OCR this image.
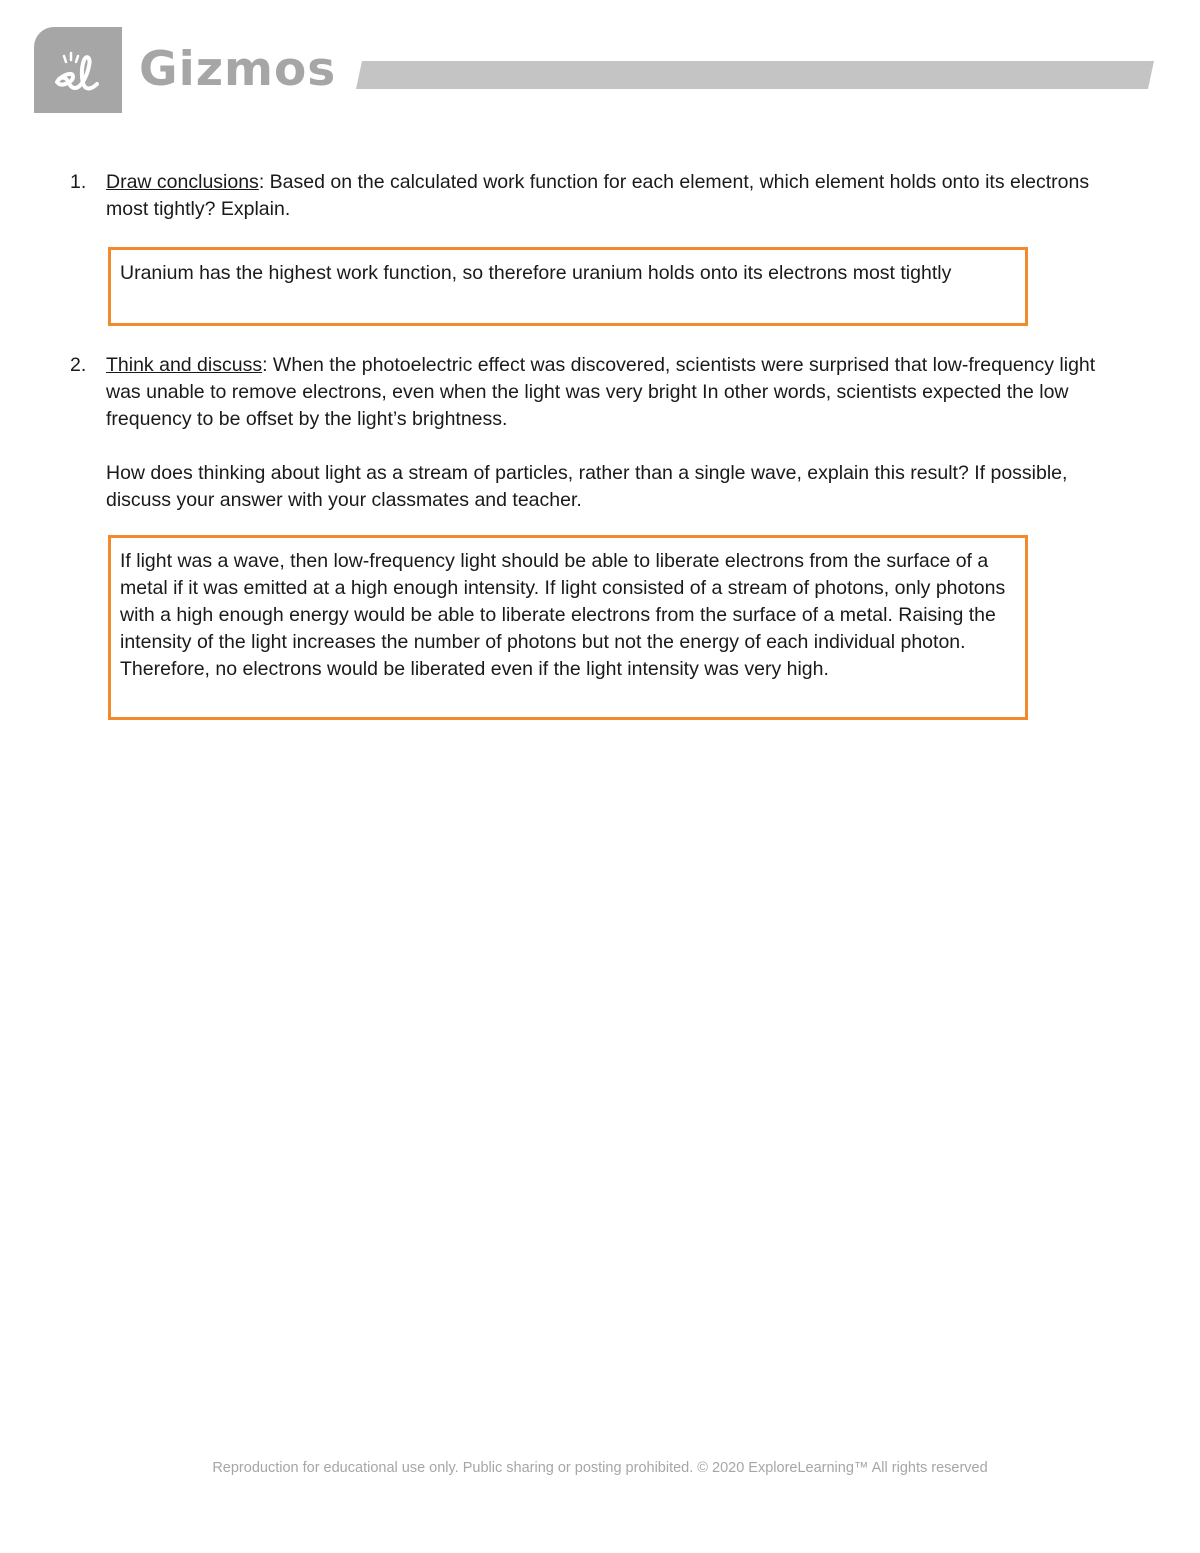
Gizmos
1. Draw conclusions: Based on the calculated work function for each element, which element holds onto its electrons most tightly? Explain.

Uranium has the highest work function, so therefore uranium holds onto its electrons most tightly
2. Think and discuss: When the photoelectric effect was discovered, scientists were surprised that low-frequency light was unable to remove electrons, even when the light was very bright In other words, scientists expected the low frequency to be offset by the light’s brightness.

How does thinking about light as a stream of particles, rather than a single wave, explain this result? If possible, discuss your answer with your classmates and teacher.

If light was a wave, then low-frequency light should be able to liberate electrons from the surface of a metal if it was emitted at a high enough intensity. If light consisted of a stream of photons, only photons with a high enough energy would be able to liberate electrons from the surface of a metal. Raising the intensity of the light increases the number of photons but not the energy of each individual photon. Therefore, no electrons would be liberated even if the light intensity was very high.
Reproduction for educational use only. Public sharing or posting prohibited. © 2020 ExploreLearning™ All rights reserved
